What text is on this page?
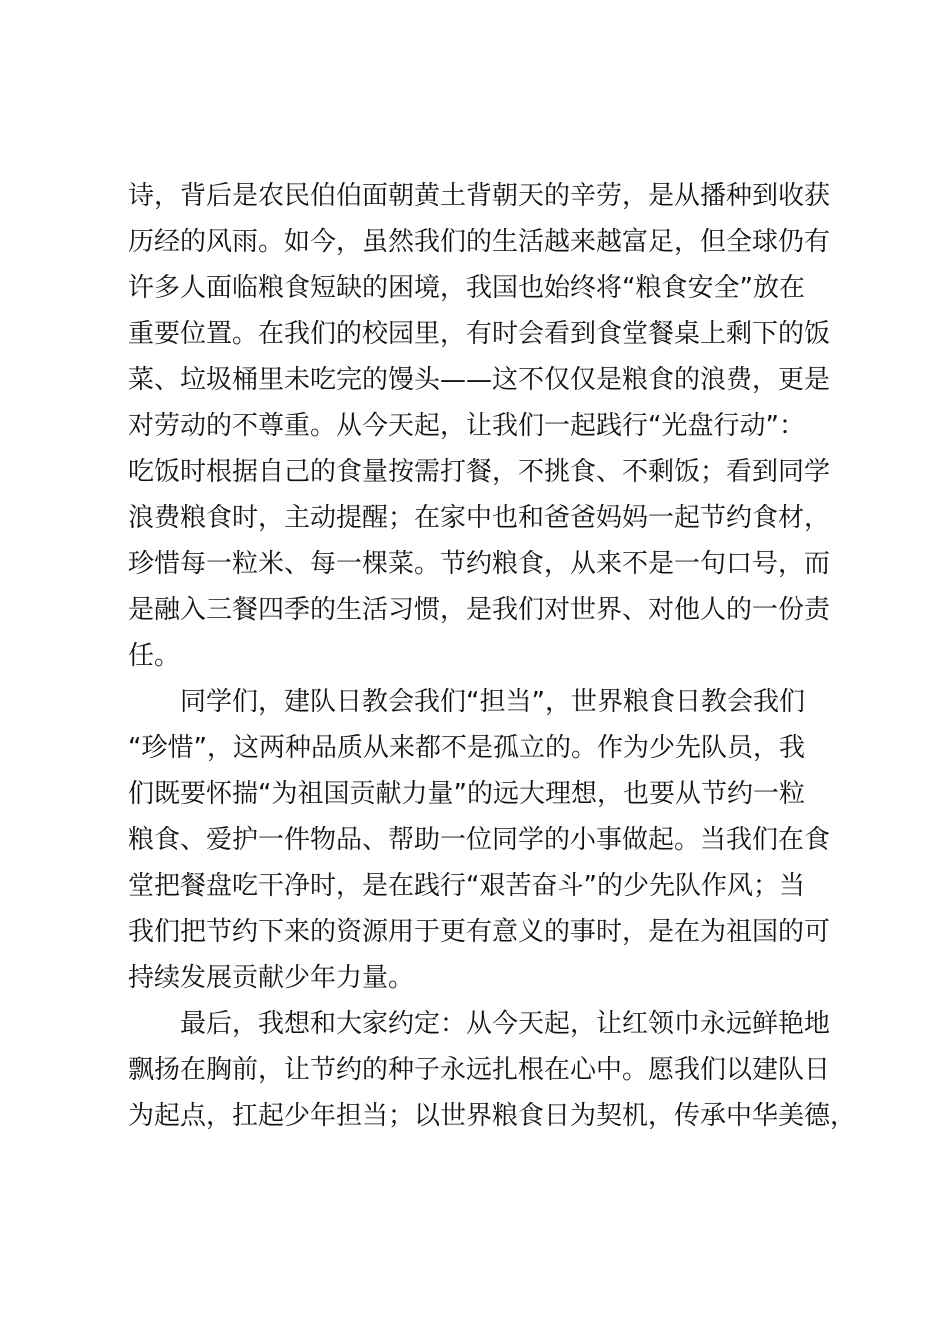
诗，背后是农民伯伯面朝黄土背朝天的辛劳，是从播种到收获
历经的风雨。如今，虽然我们的生活越来越富足，但全球仍有
许多人面临粮食短缺的困境，我国也始终将“粮食安全”放在
重要位置。在我们的校园里，有时会看到食堂餐桌上剩下的饭
菜、垃圾桶里未吃完的馒头——这不仅仅是粮食的浪费，更是
对劳动的不尊重。从今天起，让我们一起践行“光盘行动”：
吃饭时根据自己的食量按需打餐，不挑食、不剩饭；看到同学
浪费粮食时，主动提醒；在家中也和爸爸妈妈一起节约食材，
珍惜每一粒米、每一棵菜。节约粮食，从来不是一句口号，而
是融入三餐四季的生活习惯，是我们对世界、对他人的一份责
任。
　　同学们，建队日教会我们“担当”，世界粮食日教会我们
“珍惜”，这两种品质从来都不是孤立的。作为少先队员，我
们既要怀揣“为祖国贡献力量”的远大理想，也要从节约一粒
粮食、爱护一件物品、帮助一位同学的小事做起。当我们在食
堂把餐盘吃干净时，是在践行“艰苦奋斗”的少先队作风；当
我们把节约下来的资源用于更有意义的事时，是在为祖国的可
持续发展贡献少年力量。
　　最后，我想和大家约定：从今天起，让红领巾永远鲜艳地
飘扬在胸前，让节约的种子永远扎根在心中。愿我们以建队日
为起点，扛起少年担当；以世界粮食日为契机，传承中华美德，
